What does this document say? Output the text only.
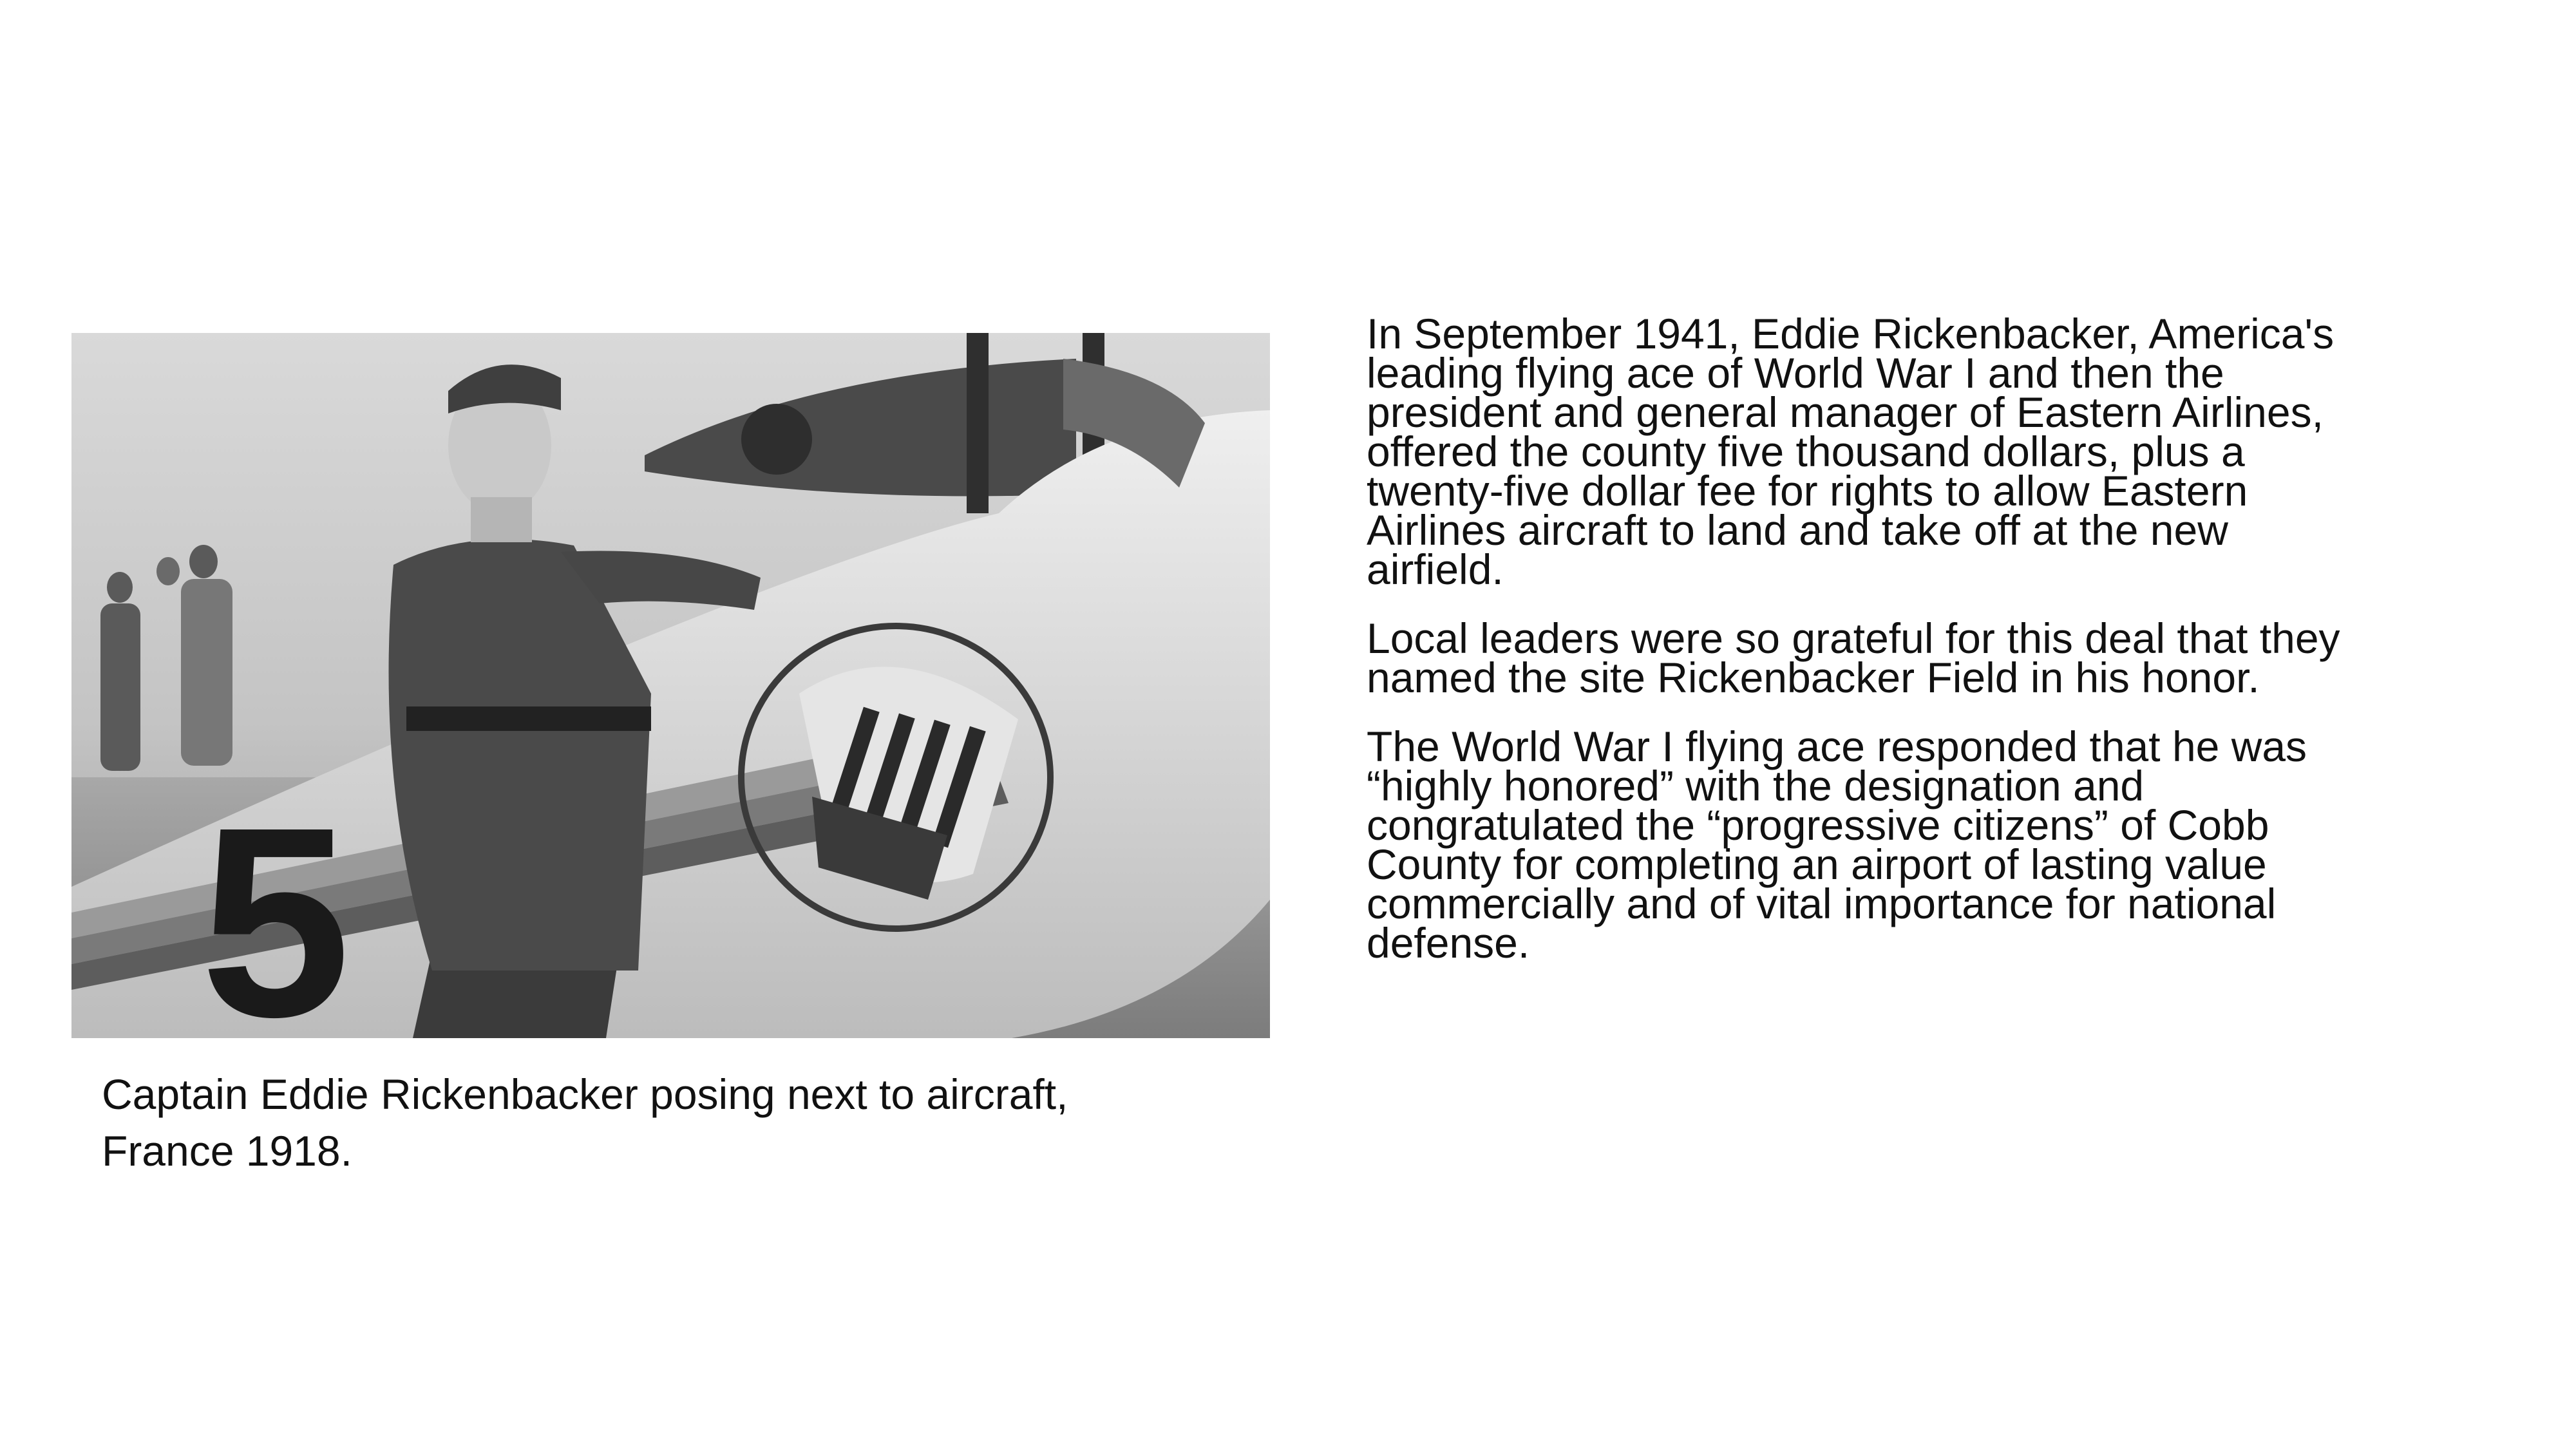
5
Captain Eddie Rickenbacker posing next to aircraft,
France 1918.

In September 1941, Eddie Rickenbacker, America's
leading flying ace of World War I and then the
president and general manager of Eastern Airlines,
offered the county five thousand dollars, plus a
twenty-five dollar fee for rights to allow Eastern
Airlines aircraft to land and take off at the new
airfield.

Local leaders were so grateful for this deal that they
named the site Rickenbacker Field in his honor.

The World War I flying ace responded that he was
“highly honored” with the designation and
congratulated the “progressive citizens” of Cobb
County for completing an airport of lasting value
commercially and of vital importance for national
defense.
